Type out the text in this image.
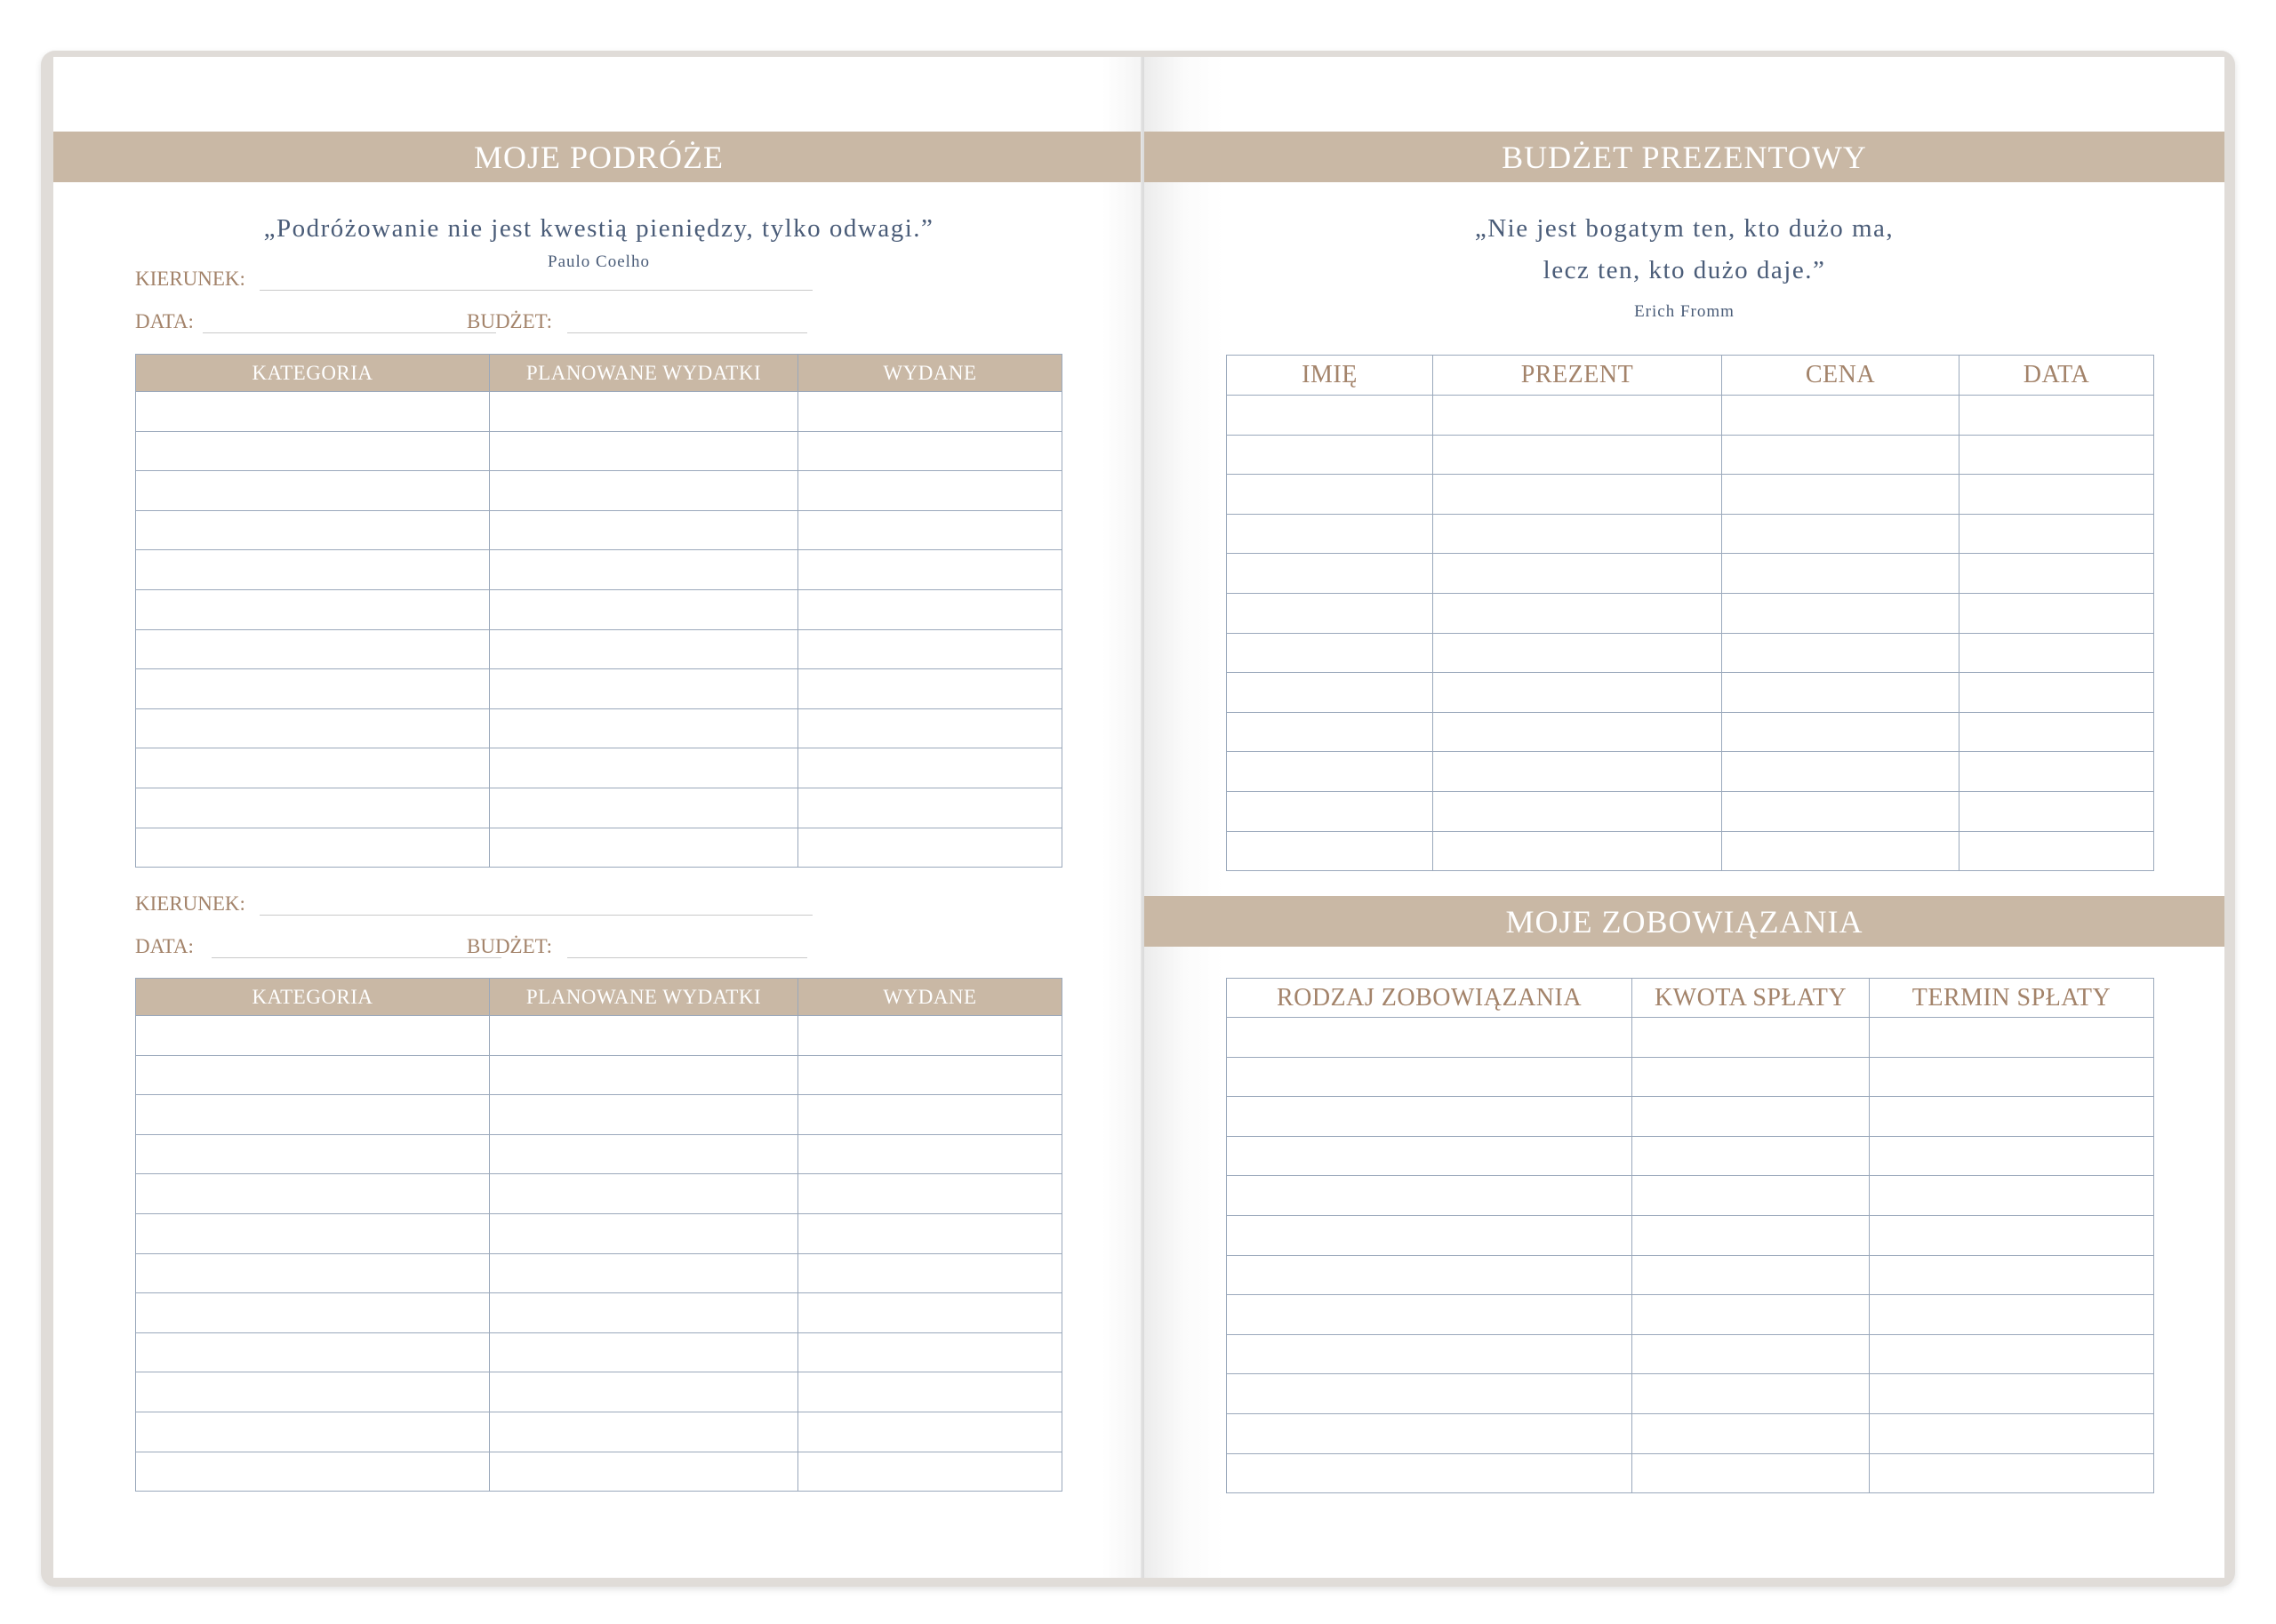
MOJE PODRÓŻE
„Podróżowanie nie jest kwestią pieniędzy, tylko odwagi.”
Paulo Coelho
KIERUNEK:
DATA:	BUDŻET:
KATEGORIA	PLANOWANE WYDATKI	WYDANE

KIERUNEK:
DATA:	BUDŻET:
KATEGORIA	PLANOWANE WYDATKI	WYDANE

BUDŻET PREZENTOWY
„Nie jest bogatym ten, kto dużo ma,
lecz ten, kto dużo daje.”
Erich Fromm
IMIĘ	PREZENT	CENA	DATA

MOJE ZOBOWIĄZANIA
RODZAJ ZOBOWIĄZANIA	KWOTA SPŁATY	TERMIN SPŁATY
